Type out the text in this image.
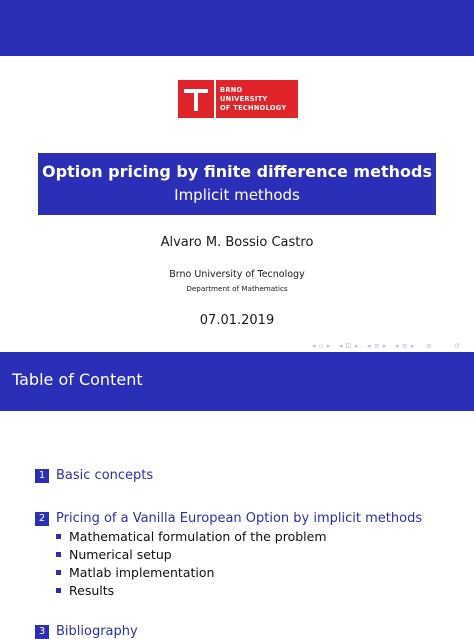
BRNO
UNIVERSITY
OF TECHNOLOGY
Option pricing by finite difference methods
Implicit methods
Alvaro M. Bossio Castro
Brno University of Tecnology
Department of Mathematics
07.01.2019
◂ ▫ ▸ ◂ ⊡ ▸ ◂ ≡ ▸ ◂ ≡ ▸ ≡	↺
Table of Content
1 Basic concepts
2 Pricing of a Vanilla European Option by implicit methods
Mathematical formulation of the problem
Numerical setup
Matlab implementation
Results
3 Bibliography
